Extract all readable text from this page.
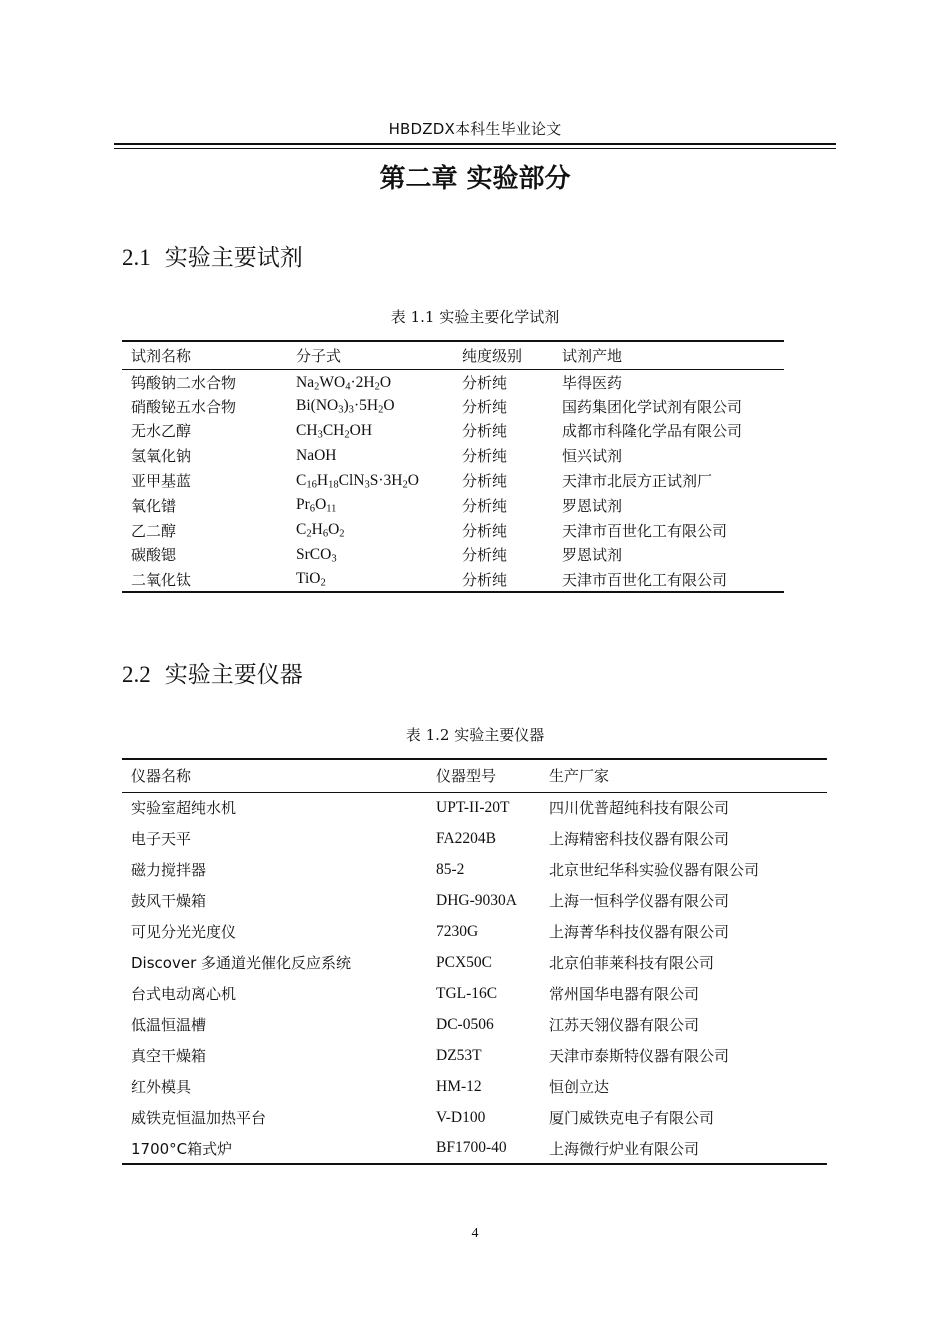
HBDZDX本科生毕业论文
第二章 实验部分
2.1 实验主要试剂
表 1.1 实验主要化学试剂
试剂名称	分子式	纯度级别	试剂产地
钨酸钠二水合物	$Na_2WO_4\cdot 2H_2O$	分析纯	毕得医药
硝酸铋五水合物	$Bi(NO_3)_3\cdot 5H_2O$	分析纯	国药集团化学试剂有限公司
无水乙醇	$CH_3CH_2OH$	分析纯	成都市科隆化学品有限公司
氢氧化钠	NaOH	分析纯	恒兴试剂
亚甲基蓝	$C_{16}H_{18}ClN_3S\cdot 3H_2O$	分析纯	天津市北辰方正试剂厂
氧化镨	$Pr_6O_{11}$	分析纯	罗恩试剂
乙二醇	$C_2H_6O_2$	分析纯	天津市百世化工有限公司
碳酸锶	SrCO$_3$	分析纯	罗恩试剂
二氧化钛	TiO$_2$	分析纯	天津市百世化工有限公司
2.2 实验主要仪器
表 1.2 实验主要仪器
仪器名称	仪器型号	生产厂家
实验室超纯水机	UPT-II-20T	四川优普超纯科技有限公司
电子天平	FA2204B	上海精密科技仪器有限公司
磁力搅拌器	85-2	北京世纪华科实验仪器有限公司
鼓风干燥箱	DHG-9030A	上海一恒科学仪器有限公司
可见分光光度仪	7230G	上海菁华科技仪器有限公司
Discover 多通道光催化反应系统	PCX50C	北京伯菲莱科技有限公司
台式电动离心机	TGL-16C	常州国华电器有限公司
低温恒温槽	DC-0506	江苏天翎仪器有限公司
真空干燥箱	DZ53T	天津市泰斯特仪器有限公司
红外模具	HM-12	恒创立达
威铁克恒温加热平台	V-D100	厦门威铁克电子有限公司
1700°C箱式炉	BF1700-40	上海微行炉业有限公司
4
